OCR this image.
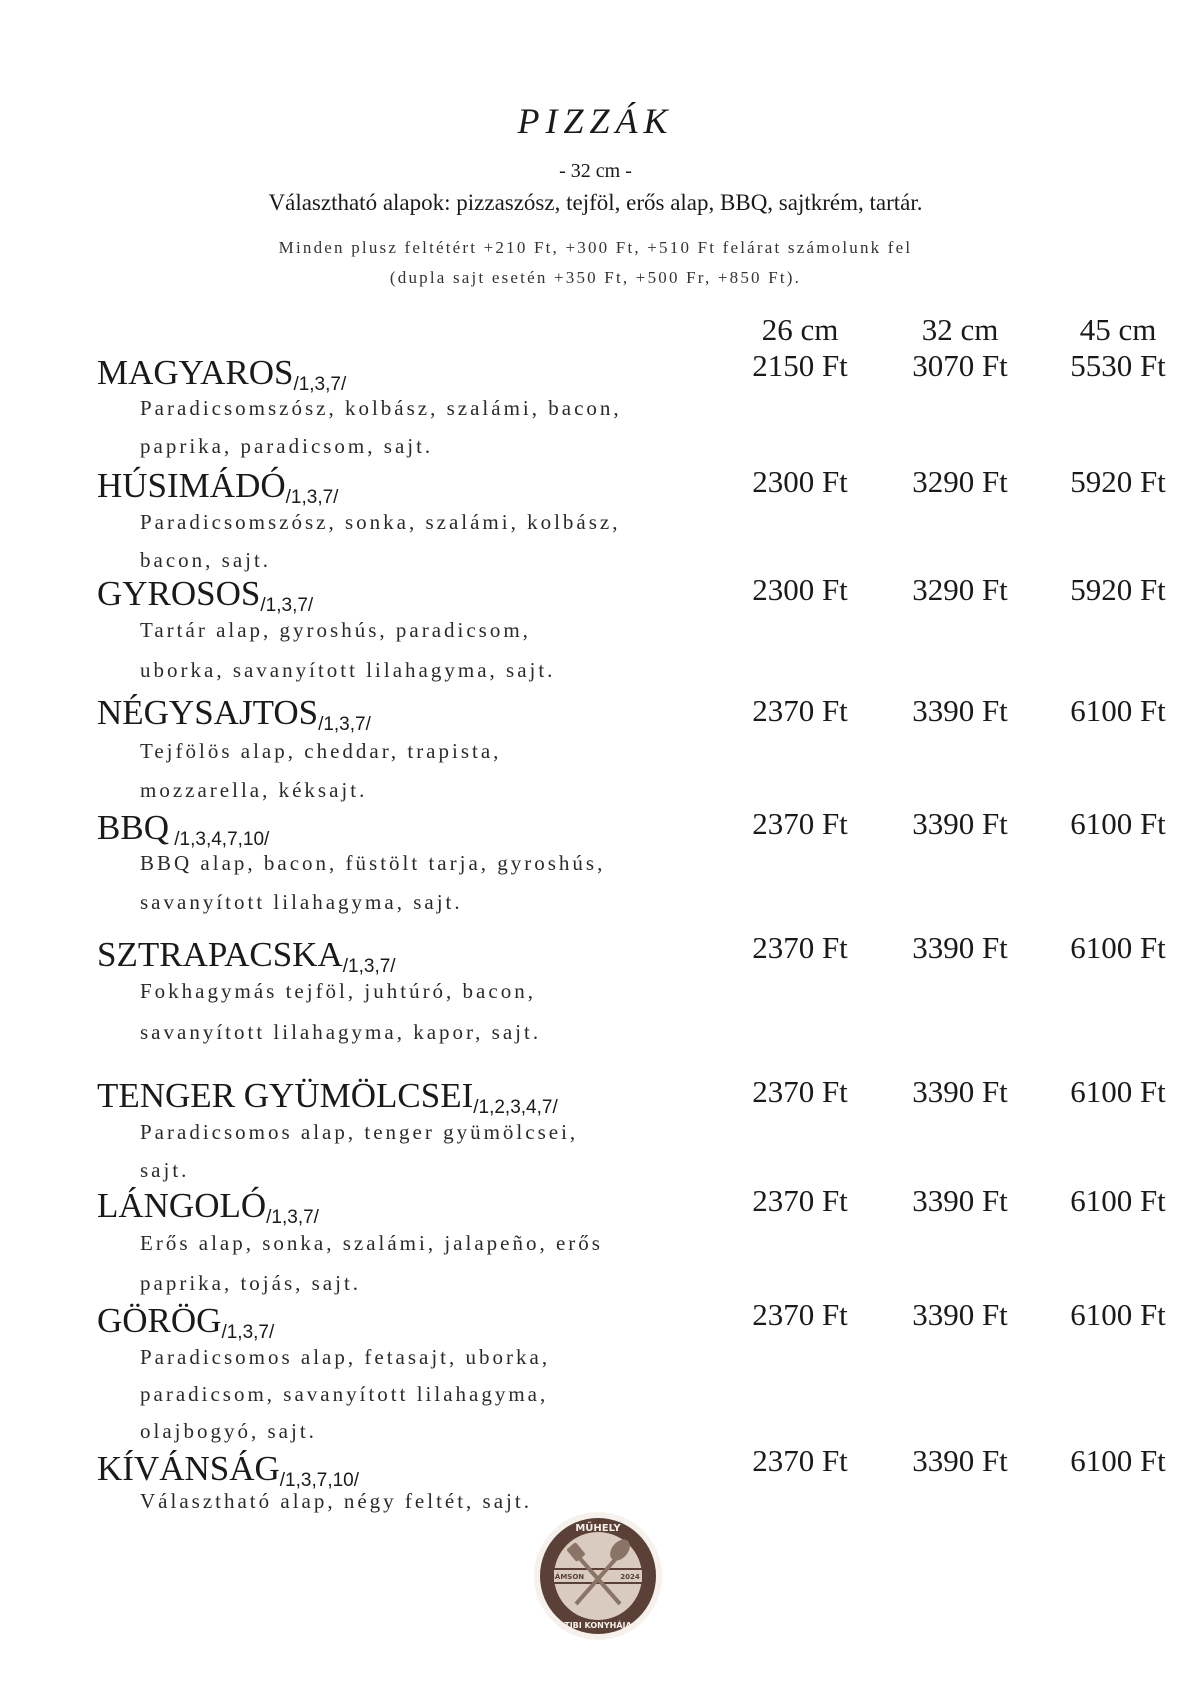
PIZZÁK
- 32 cm -
Választható alapok: pizzaszósz, tejföl, erős alap, BBQ, sajtkrém, tartár.
Minden plusz feltétért +210 Ft, +300 Ft, +510 Ft felárat számolunk fel
(dupla sajt esetén +350 Ft, +500 Fr, +850 Ft).
26 cm	32 cm	45 cm
MAGYAROS/1,3,7/
Paradicsomszósz, kolbász, szalámi, bacon,
paprika, paradicsom, sajt.
2150 Ft	3070 Ft	5530 Ft
HÚSIMÁDÓ/1,3,7/
Paradicsomszósz, sonka, szalámi, kolbász,
bacon, sajt.
2300 Ft	3290 Ft	5920 Ft
GYROSOS/1,3,7/
Tartár alap, gyroshús, paradicsom,
uborka, savanyított lilahagyma, sajt.
2300 Ft	3290 Ft	5920 Ft
NÉGYSAJTOS/1,3,7/
Tejfölös alap, cheddar, trapista,
mozzarella, kéksajt.
2370 Ft	3390 Ft	6100 Ft
BBQ /1,3,4,7,10/
BBQ alap, bacon, füstölt tarja, gyroshús,
savanyított lilahagyma, sajt.
2370 Ft	3390 Ft	6100 Ft
SZTRAPACSKA/1,3,7/
Fokhagymás tejföl, juhtúró, bacon,
savanyított lilahagyma, kapor, sajt.
2370 Ft	3390 Ft	6100 Ft
TENGER GYÜMÖLCSEI/1,2,3,4,7/
Paradicsomos alap, tenger gyümölcsei,
sajt.
2370 Ft	3390 Ft	6100 Ft
LÁNGOLÓ/1,3,7/
Erős alap, sonka, szalámi, jalapeño, erős
paprika, tojás, sajt.
2370 Ft	3390 Ft	6100 Ft
GÖRÖG/1,3,7/
Paradicsomos alap, fetasajt, uborka,
paradicsom, savanyított lilahagyma,
olajbogyó, sajt.
2370 Ft	3390 Ft	6100 Ft
KÍVÁNSÁG/1,3,7,10/
Választható alap, négy feltét, sajt.
2370 Ft	3390 Ft	6100 Ft
MŰHELY
SÁMSON	2024
TIBI KONYHÁJA
